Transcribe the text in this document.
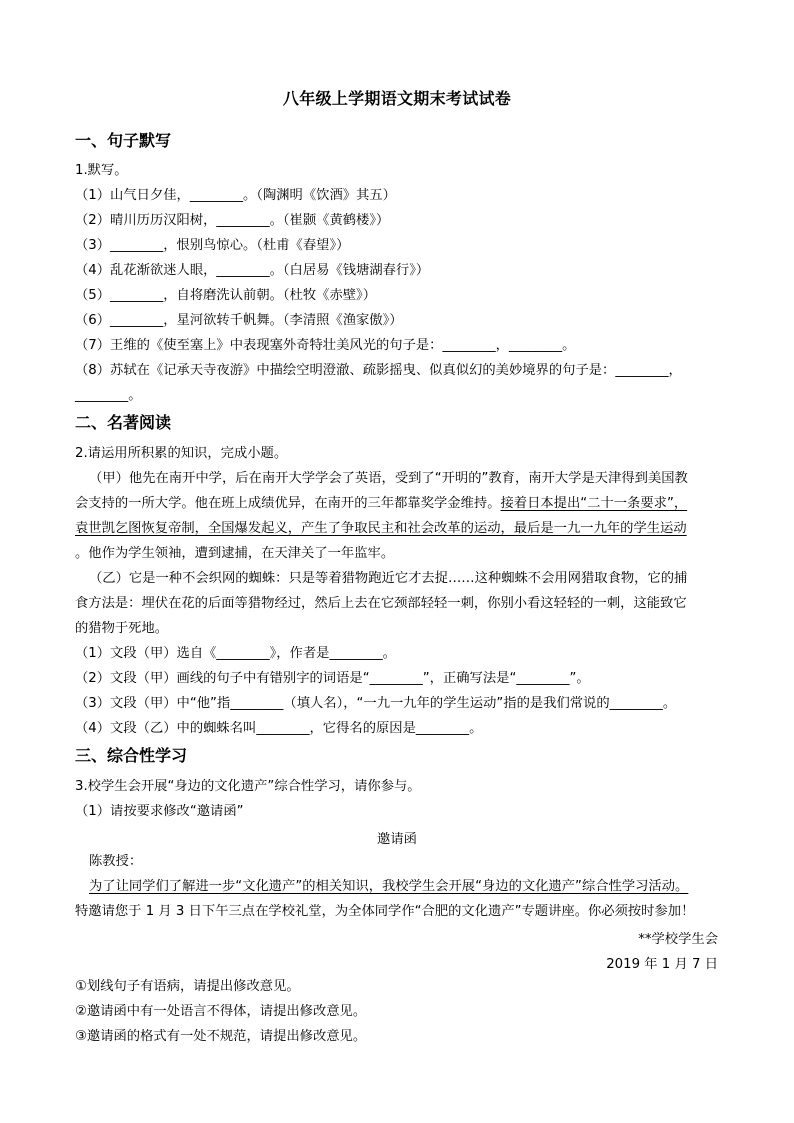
八年级上学期语文期末考试试卷
一、句子默写
1.默写。
（1）山气日夕佳，________。（陶渊明《饮酒》其五）
（2）晴川历历汉阳树，________。（崔颢《黄鹤楼》）
（3）________，恨别鸟惊心。（杜甫《春望》）
（4）乱花渐欲迷人眼，________。（白居易《钱塘湖春行》）
（5）________，自将磨洗认前朝。（杜牧《赤壁》）
（6）________，星河欲转千帆舞。（李清照《渔家傲》）
（7）王维的《使至塞上》中表现塞外奇特壮美风光的句子是：________，________。
（8）苏轼在《记承天寺夜游》中描绘空明澄澈、疏影摇曳、似真似幻的美妙境界的句子是：________，
________。
二、名著阅读
2.请运用所积累的知识，完成小题。
（甲）他先在南开中学，后在南开大学学会了英语，受到了“开明的”教育，南开大学是天津得到美国教
会支持的一所大学。他在班上成绩优异，在南开的三年都靠奖学金维持。接着日本提出“二十一条要求”，
袁世凯乞图恢复帝制，全国爆发起义，产生了争取民主和社会改革的运动，最后是一九一九年的学生运动
。他作为学生领袖，遭到逮捕，在天津关了一年监牢。
（乙）它是一种不会织网的蜘蛛：只是等着猎物跑近它才去捉……这种蜘蛛不会用网猎取食物，它的捕
食方法是：埋伏在花的后面等猎物经过，然后上去在它颈部轻轻一刺，你别小看这轻轻的一刺，这能致它
的猎物于死地。
（1）文段（甲）选自《________》，作者是________。
（2）文段（甲）画线的句子中有错别字的词语是“________”，正确写法是“________”。
（3）文段（甲）中“他”指________（填人名），“一九一九年的学生运动”指的是我们常说的________。
（4）文段（乙）中的蜘蛛名叫________，它得名的原因是________。
三、综合性学习
3.校学生会开展“身边的文化遗产”综合性学习，请你参与。
（1）请按要求修改“邀请函”
邀请函
陈教授：
为了让同学们了解进一步“文化遗产”的相关知识，我校学生会开展“身边的文化遗产”综合性学习活动。
特邀请您于 1 月 3 日下午三点在学校礼堂，为全体同学作“合肥的文化遗产”专题讲座。你必须按时参加！
**学校学生会
2019 年 1 月 7 日
①划线句子有语病，请提出修改意见。
②邀请函中有一处语言不得体，请提出修改意见。
③邀请函的格式有一处不规范，请提出修改意见。
